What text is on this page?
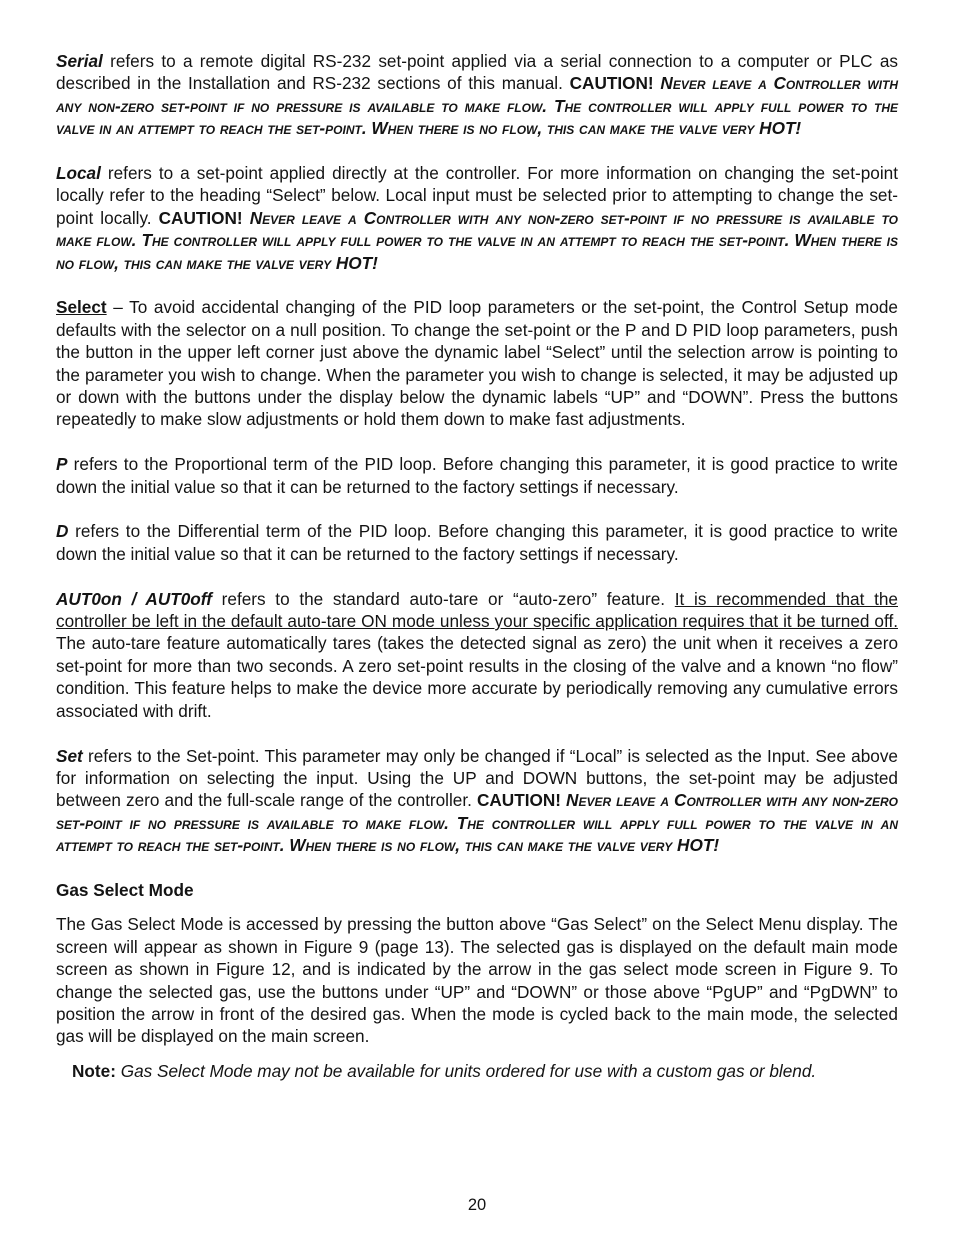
Serial refers to a remote digital RS-232 set-point applied via a serial connection to a computer or PLC as described in the Installation and RS-232 sections of this manual. CAUTION! Never leave a Controller with any non-zero set-point if no pressure is available to make flow. The controller will apply full power to the valve in an attempt to reach the set-point. When there is no flow, this can make the valve very HOT!

Local refers to a set-point applied directly at the controller. For more information on changing the set-point locally refer to the heading “Select” below. Local input must be selected prior to attempting to change the set-point locally. CAUTION! Never leave a Controller with any non-zero set-point if no pressure is available to make flow. The controller will apply full power to the valve in an attempt to reach the set-point. When there is no flow, this can make the valve very HOT!

Select – To avoid accidental changing of the PID loop parameters or the set-point, the Control Setup mode defaults with the selector on a null position. To change the set-point or the P and D PID loop parameters, push the button in the upper left corner just above the dynamic label “Select” until the selection arrow is pointing to the parameter you wish to change. When the parameter you wish to change is selected, it may be adjusted up or down with the buttons under the display below the dynamic labels “UP” and “DOWN”. Press the buttons repeatedly to make slow adjustments or hold them down to make fast adjustments.

P refers to the Proportional term of the PID loop. Before changing this parameter, it is good practice to write down the initial value so that it can be returned to the factory settings if necessary.

D refers to the Differential term of the PID loop. Before changing this parameter, it is good practice to write down the initial value so that it can be returned to the factory settings if necessary.

AUT0on / AUT0off refers to the standard auto-tare or “auto-zero” feature. It is recommended that the controller be left in the default auto-tare ON mode unless your specific application requires that it be turned off. The auto-tare feature automatically tares (takes the detected signal as zero) the unit when it receives a zero set-point for more than two seconds. A zero set-point results in the closing of the valve and a known “no flow” condition. This feature helps to make the device more accurate by periodically removing any cumulative errors associated with drift.

Set refers to the Set-point. This parameter may only be changed if “Local” is selected as the Input. See above for information on selecting the input. Using the UP and DOWN buttons, the set-point may be adjusted between zero and the full-scale range of the controller. CAUTION! Never leave a Controller with any non-zero set-point if no pressure is available to make flow. The controller will apply full power to the valve in an attempt to reach the set-point. When there is no flow, this can make the valve very HOT!

Gas Select Mode

The Gas Select Mode is accessed by pressing the button above “Gas Select” on the Select Menu display. The screen will appear as shown in Figure 9 (page 13). The selected gas is displayed on the default main mode screen as shown in Figure 12, and is indicated by the arrow in the gas select mode screen in Figure 9. To change the selected gas, use the buttons under “UP” and “DOWN” or those above “PgUP” and “PgDWN” to position the arrow in front of the desired gas. When the mode is cycled back to the main mode, the selected gas will be displayed on the main screen.

Note: Gas Select Mode may not be available for units ordered for use with a custom gas or blend.

20
